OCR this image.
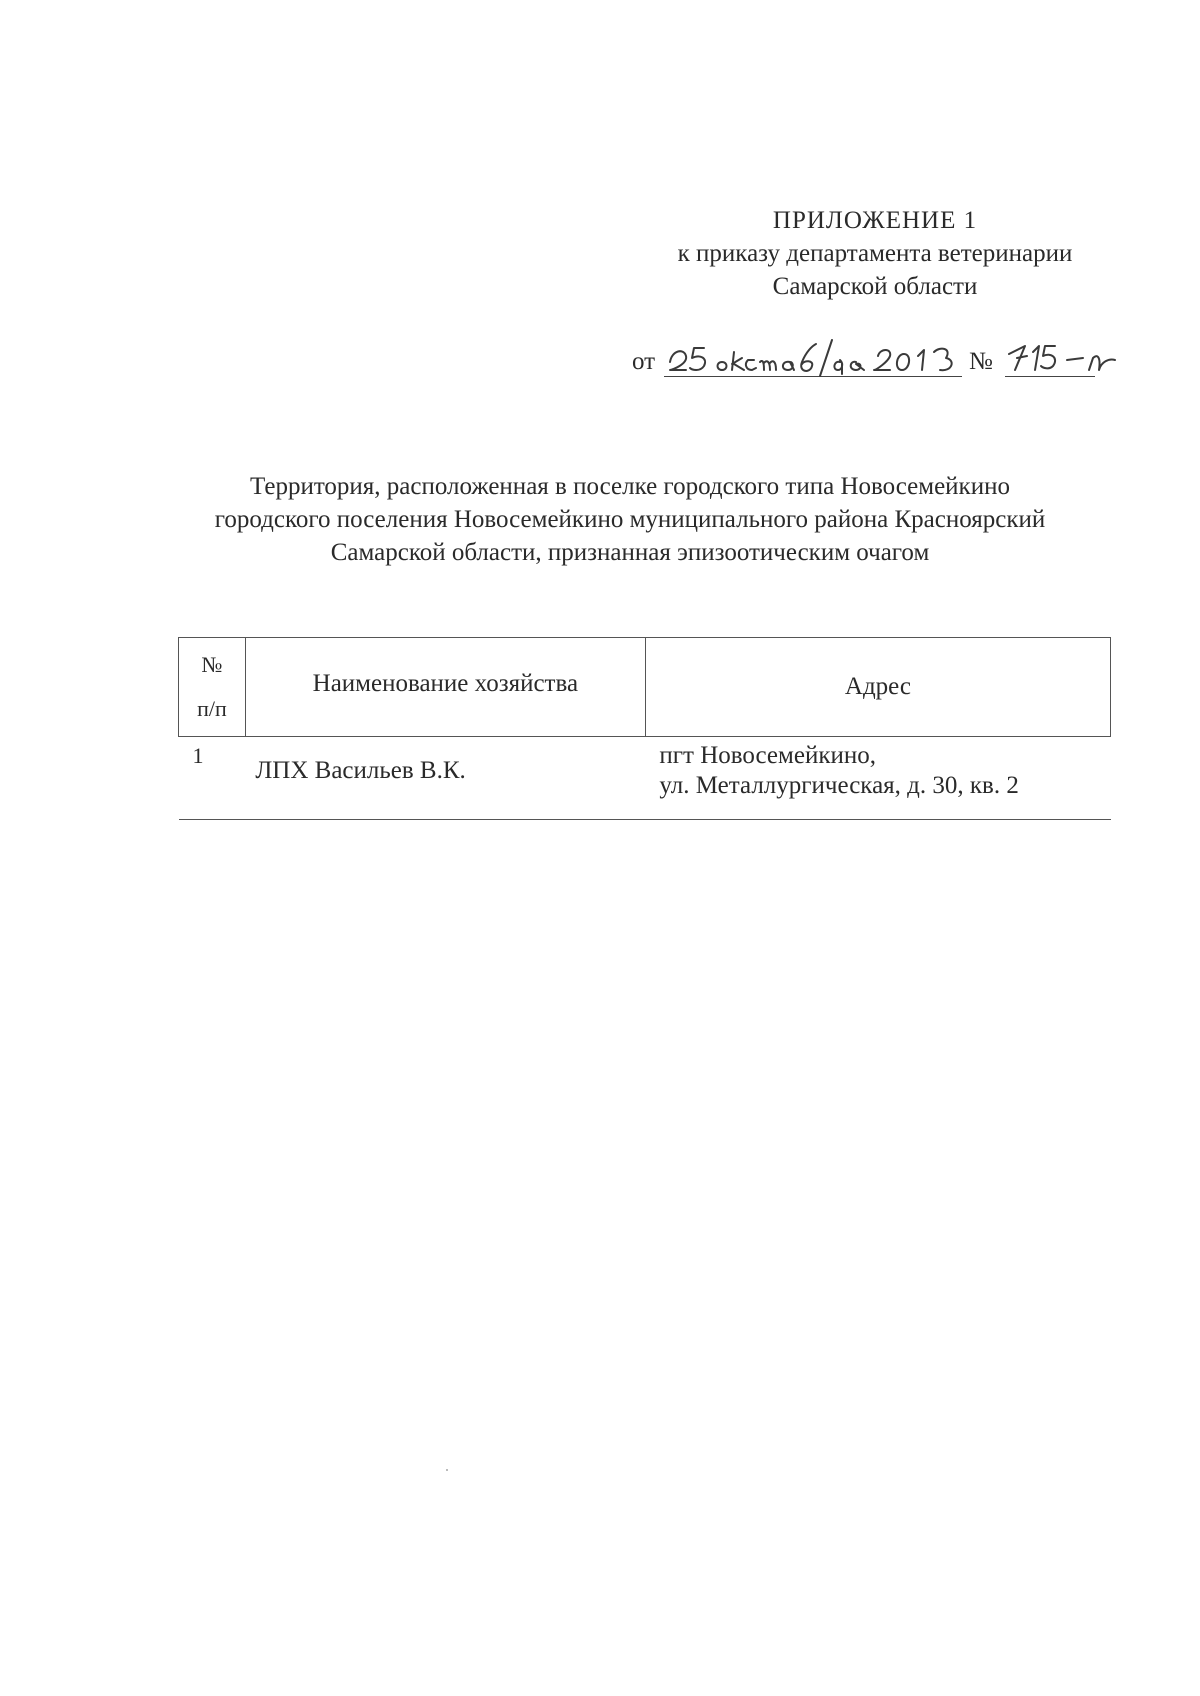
ПРИЛОЖЕНИЕ 1
к приказу департамента ветеринарии
Самарской области
от	№
Территория, расположенная в поселке городского типа Новосемейкино
городского поселения Новосемейкино муниципального района Красноярский
Самарской области, признанная эпизоотическим очагом
№
п/п	Наименование хозяйства	Адрес
1	ЛПХ Васильев В.К.	пгт Новосемейкино,
ул. Металлургическая, д. 30, кв. 2
